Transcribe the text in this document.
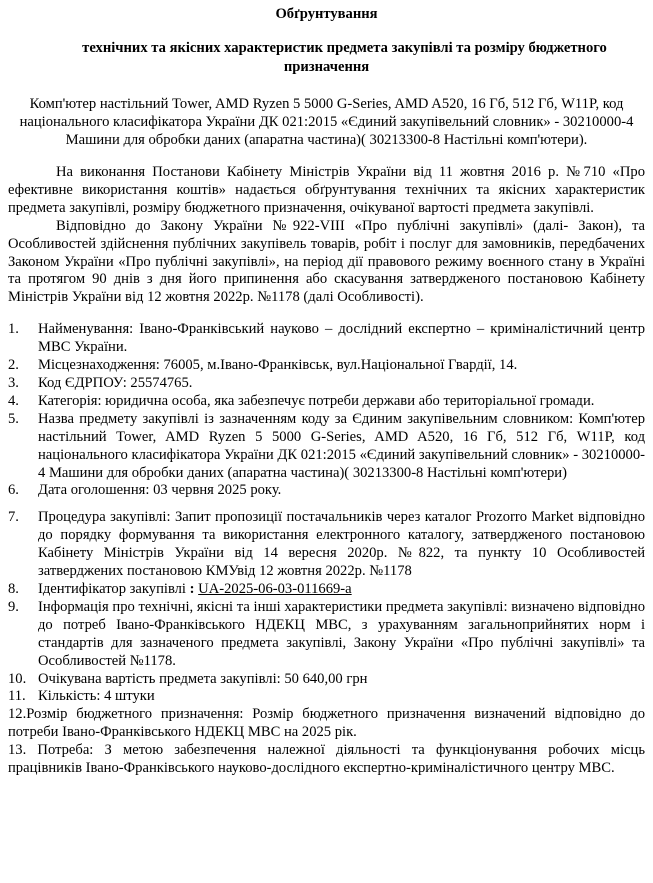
Обґрунтування

технічних та якісних характеристик предмета закупівлі та розміру бюджетного

призначення

Комп'ютер настільний Tower, AMD Ryzen 5 5000 G-Series, AMD A520, 16 Гб, 512 Гб, W11P, код національного класифікатора України ДК 021:2015 «Єдиний закупівельний словник» - 30210000-4 Машини для обробки даних (апаратна частина)( 30213300-8 Настільні комп'ютери).

На виконання Постанови Кабінету Міністрів України від 11 жовтня 2016 р. №710 «Про ефективне використання коштів» надається обґрунтування технічних та якісних характеристик предмета закупівлі, розміру бюджетного призначення, очікуваної вартості предмета закупівлі.

Відповідно до Закону України №922-VIII «Про публічні закупівлі» (далі- Закон), та Особливостей здійснення публічних закупівель товарів, робіт і послуг для замовників, передбачених Законом України «Про публічні закупівлі», на період дії правового режиму воєнного стану в Україні та протягом 90 днів з дня його припинення або скасування затвердженого постановою Кабінету Міністрів України від 12 жовтня 2022р. №1178 (далі Особливості).

1.	Найменування: Івано-Франківський науково – дослідний експертно – криміналістичний центр МВС України.
2.	Місцезнаходження: 76005, м.Івано-Франківськ, вул.Національної Гвардії, 14.
3.	Код ЄДРПОУ: 25574765.
4.	Категорія: юридична особа, яка забезпечує потреби держави або територіальної громади.
5.	Назва предмету закупівлі із зазначенням коду за Єдиним закупівельним словником: Комп'ютер настільний Tower, AMD Ryzen 5 5000 G-Series, AMD A520, 16 Гб, 512 Гб, W11P, код національного класифікатора України ДК 021:2015 «Єдиний закупівельний словник» - 30210000-4 Машини для обробки даних (апаратна частина)( 30213300-8 Настільні комп'ютери)
6.	Дата оголошення: 03 червня 2025 року.
7.	Процедура закупівлі: Запит пропозиції постачальників через каталог Prozorro Market відповідно до порядку формування та використання електронного каталогу, затвердженого постановою Кабінету Міністрів України від 14 вересня 2020р. №822, та пункту 10 Особливостей затверджених постановою КМУвід 12 жовтня 2022р. №1178
8.	Ідентифікатор закупівлі : UA-2025-06-03-011669-a
9.	Інформація про технічні, якісні та інші характеристики предмета закупівлі: визначено відповідно до потреб Івано-Франківського НДЕКЦ МВС, з урахуванням загальноприйнятих норм і стандартів для зазначеного предмета закупівлі, Закону України «Про публічні закупівлі» та Особливостей №1178.
10. Очікувана вартість предмета закупівлі: 50 640,00 грн
11. Кількість: 4 штуки
12.Розмір бюджетного призначення: Розмір бюджетного призначення визначений відповідно до потреби Івано-Франківського НДЕКЦ МВС на 2025 рік.
13. Потреба: З метою забезпечення належної діяльності та функціонування робочих місць працівників Івано-Франківського науково-дослідного експертно-криміналістичного центру МВС.
